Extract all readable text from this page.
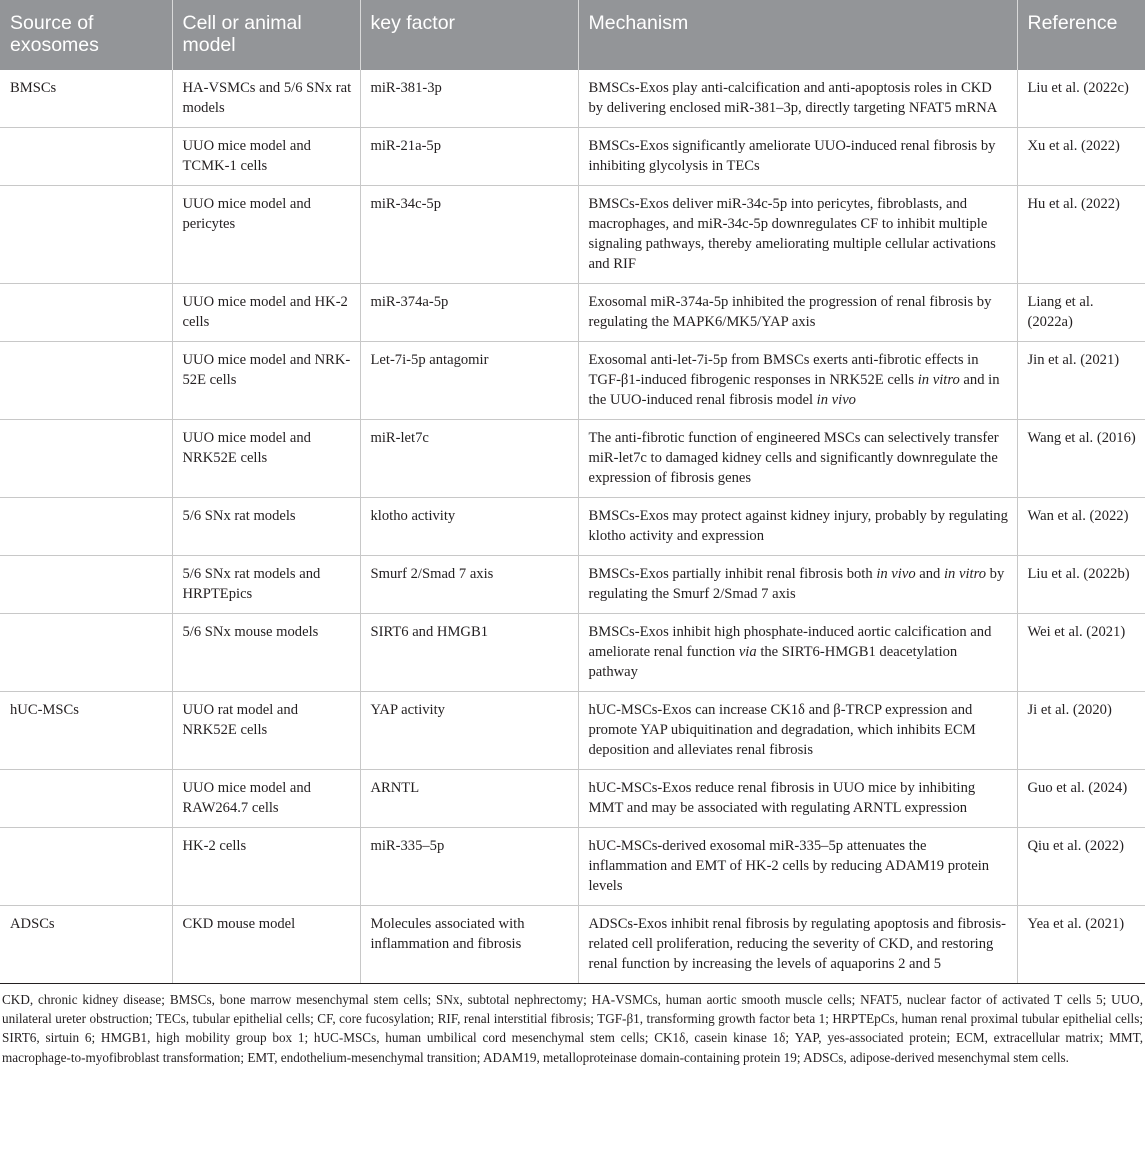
Source of exosomes	Cell or animal model	key factor	Mechanism	Reference
BMSCs	HA-VSMCs and 5/6 SNx rat models	miR-381-3p	BMSCs-Exos play anti-calcification and anti-apoptosis roles in CKD by delivering enclosed miR-381–3p, directly targeting NFAT5 mRNA	Liu et al. (2022c)
	UUO mice model and TCMK-1 cells	miR-21a-5p	BMSCs-Exos significantly ameliorate UUO-induced renal fibrosis by inhibiting glycolysis in TECs	Xu et al. (2022)
	UUO mice model and pericytes	miR-34c-5p	BMSCs-Exos deliver miR-34c-5p into pericytes, fibroblasts, and macrophages, and miR-34c-5p downregulates CF to inhibit multiple signaling pathways, thereby ameliorating multiple cellular activations and RIF	Hu et al. (2022)
	UUO mice model and HK-2 cells	miR-374a-5p	Exosomal miR-374a-5p inhibited the progression of renal fibrosis by regulating the MAPK6/MK5/YAP axis	Liang et al. (2022a)
	UUO mice model and NRK-52E cells	Let-7i-5p antagomir	Exosomal anti-let-7i-5p from BMSCs exerts anti-fibrotic effects in TGF-β1-induced fibrogenic responses in NRK52E cells in vitro and in the UUO-induced renal fibrosis model in vivo	Jin et al. (2021)
	UUO mice model and NRK52E cells	miR-let7c	The anti-fibrotic function of engineered MSCs can selectively transfer miR-let7c to damaged kidney cells and significantly downregulate the expression of fibrosis genes	Wang et al. (2016)
	5/6 SNx rat models	klotho activity	BMSCs-Exos may protect against kidney injury, probably by regulating klotho activity and expression	Wan et al. (2022)
	5/6 SNx rat models and HRPTEpics	Smurf 2/Smad 7 axis	BMSCs-Exos partially inhibit renal fibrosis both in vivo and in vitro by regulating the Smurf 2/Smad 7 axis	Liu et al. (2022b)
	5/6 SNx mouse models	SIRT6 and HMGB1	BMSCs-Exos inhibit high phosphate-induced aortic calcification and ameliorate renal function via the SIRT6-HMGB1 deacetylation pathway	Wei et al. (2021)
hUC-MSCs	UUO rat model and NRK52E cells	YAP activity	hUC-MSCs-Exos can increase CK1δ and β-TRCP expression and promote YAP ubiquitination and degradation, which inhibits ECM deposition and alleviates renal fibrosis	Ji et al. (2020)
	UUO mice model and RAW264.7 cells	ARNTL	hUC-MSCs-Exos reduce renal fibrosis in UUO mice by inhibiting MMT and may be associated with regulating ARNTL expression	Guo et al. (2024)
	HK-2 cells	miR-335–5p	hUC-MSCs-derived exosomal miR-335–5p attenuates the inflammation and EMT of HK-2 cells by reducing ADAM19 protein levels	Qiu et al. (2022)
ADSCs	CKD mouse model	Molecules associated with inflammation and fibrosis	ADSCs-Exos inhibit renal fibrosis by regulating apoptosis and fibrosis-related cell proliferation, reducing the severity of CKD, and restoring renal function by increasing the levels of aquaporins 2 and 5	Yea et al. (2021)
CKD, chronic kidney disease; BMSCs, bone marrow mesenchymal stem cells; SNx, subtotal nephrectomy; HA-VSMCs, human aortic smooth muscle cells; NFAT5, nuclear factor of activated T cells 5; UUO, unilateral ureter obstruction; TECs, tubular epithelial cells; CF, core fucosylation; RIF, renal interstitial fibrosis; TGF-β1, transforming growth factor beta 1; HRPTEpCs, human renal proximal tubular epithelial cells; SIRT6, sirtuin 6; HMGB1, high mobility group box 1; hUC-MSCs, human umbilical cord mesenchymal stem cells; CK1δ, casein kinase 1δ; YAP, yes-associated protein; ECM, extracellular matrix; MMT, macrophage-to-myofibroblast transformation; EMT, endothelium-mesenchymal transition; ADAM19, metalloproteinase domain-containing protein 19; ADSCs, adipose-derived mesenchymal stem cells.
